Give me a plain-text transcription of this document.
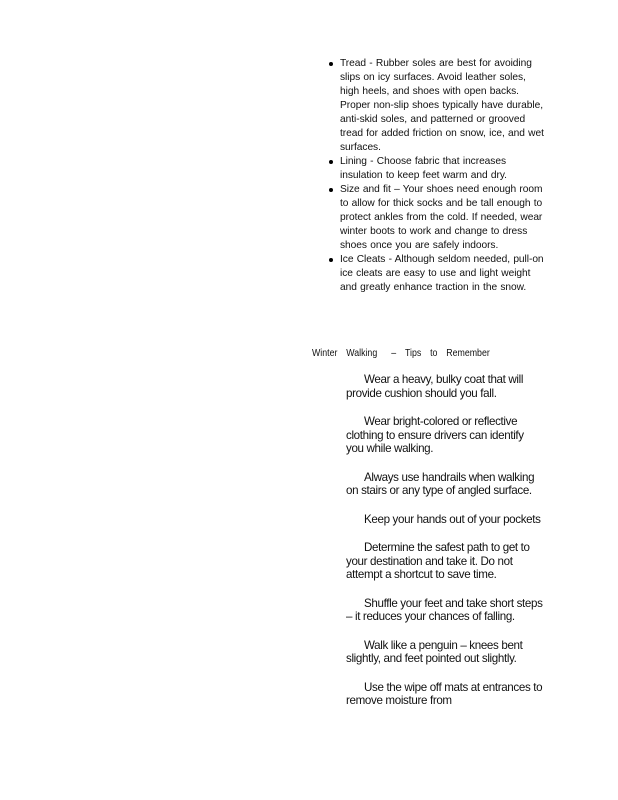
Tread - Rubber soles are best for avoiding slips on icy surfaces. Avoid leather soles, high heels, and shoes with open backs. Proper non-slip shoes typically have durable, anti-skid soles, and patterned or grooved tread for added friction on snow, ice, and wet surfaces.
Lining - Choose fabric that increases insulation to keep feet warm and dry.
Size and fit – Your shoes need enough room to allow for thick socks and be tall enough to protect ankles from the cold. If needed, wear winter boots to work and change to dress shoes once you are safely indoors.
Ice Cleats - Although seldom needed, pull-on ice cleats are easy to use and light weight and greatly enhance traction in the snow.
Winter Walking – Tips to Remember

Wear a heavy, bulky coat that will provide cushion should you fall.

Wear bright-colored or reflective clothing to ensure drivers can identify you while walking.

Always use handrails when walking on stairs or any type of angled surface.

Keep your hands out of your pockets

Determine the safest path to get to your destination and take it. Do not attempt a shortcut to save time.

Shuffle your feet and take short steps – it reduces your chances of falling.

Walk like a penguin – knees bent slightly, and feet pointed out slightly.

Use the wipe off mats at entrances to remove moisture from
